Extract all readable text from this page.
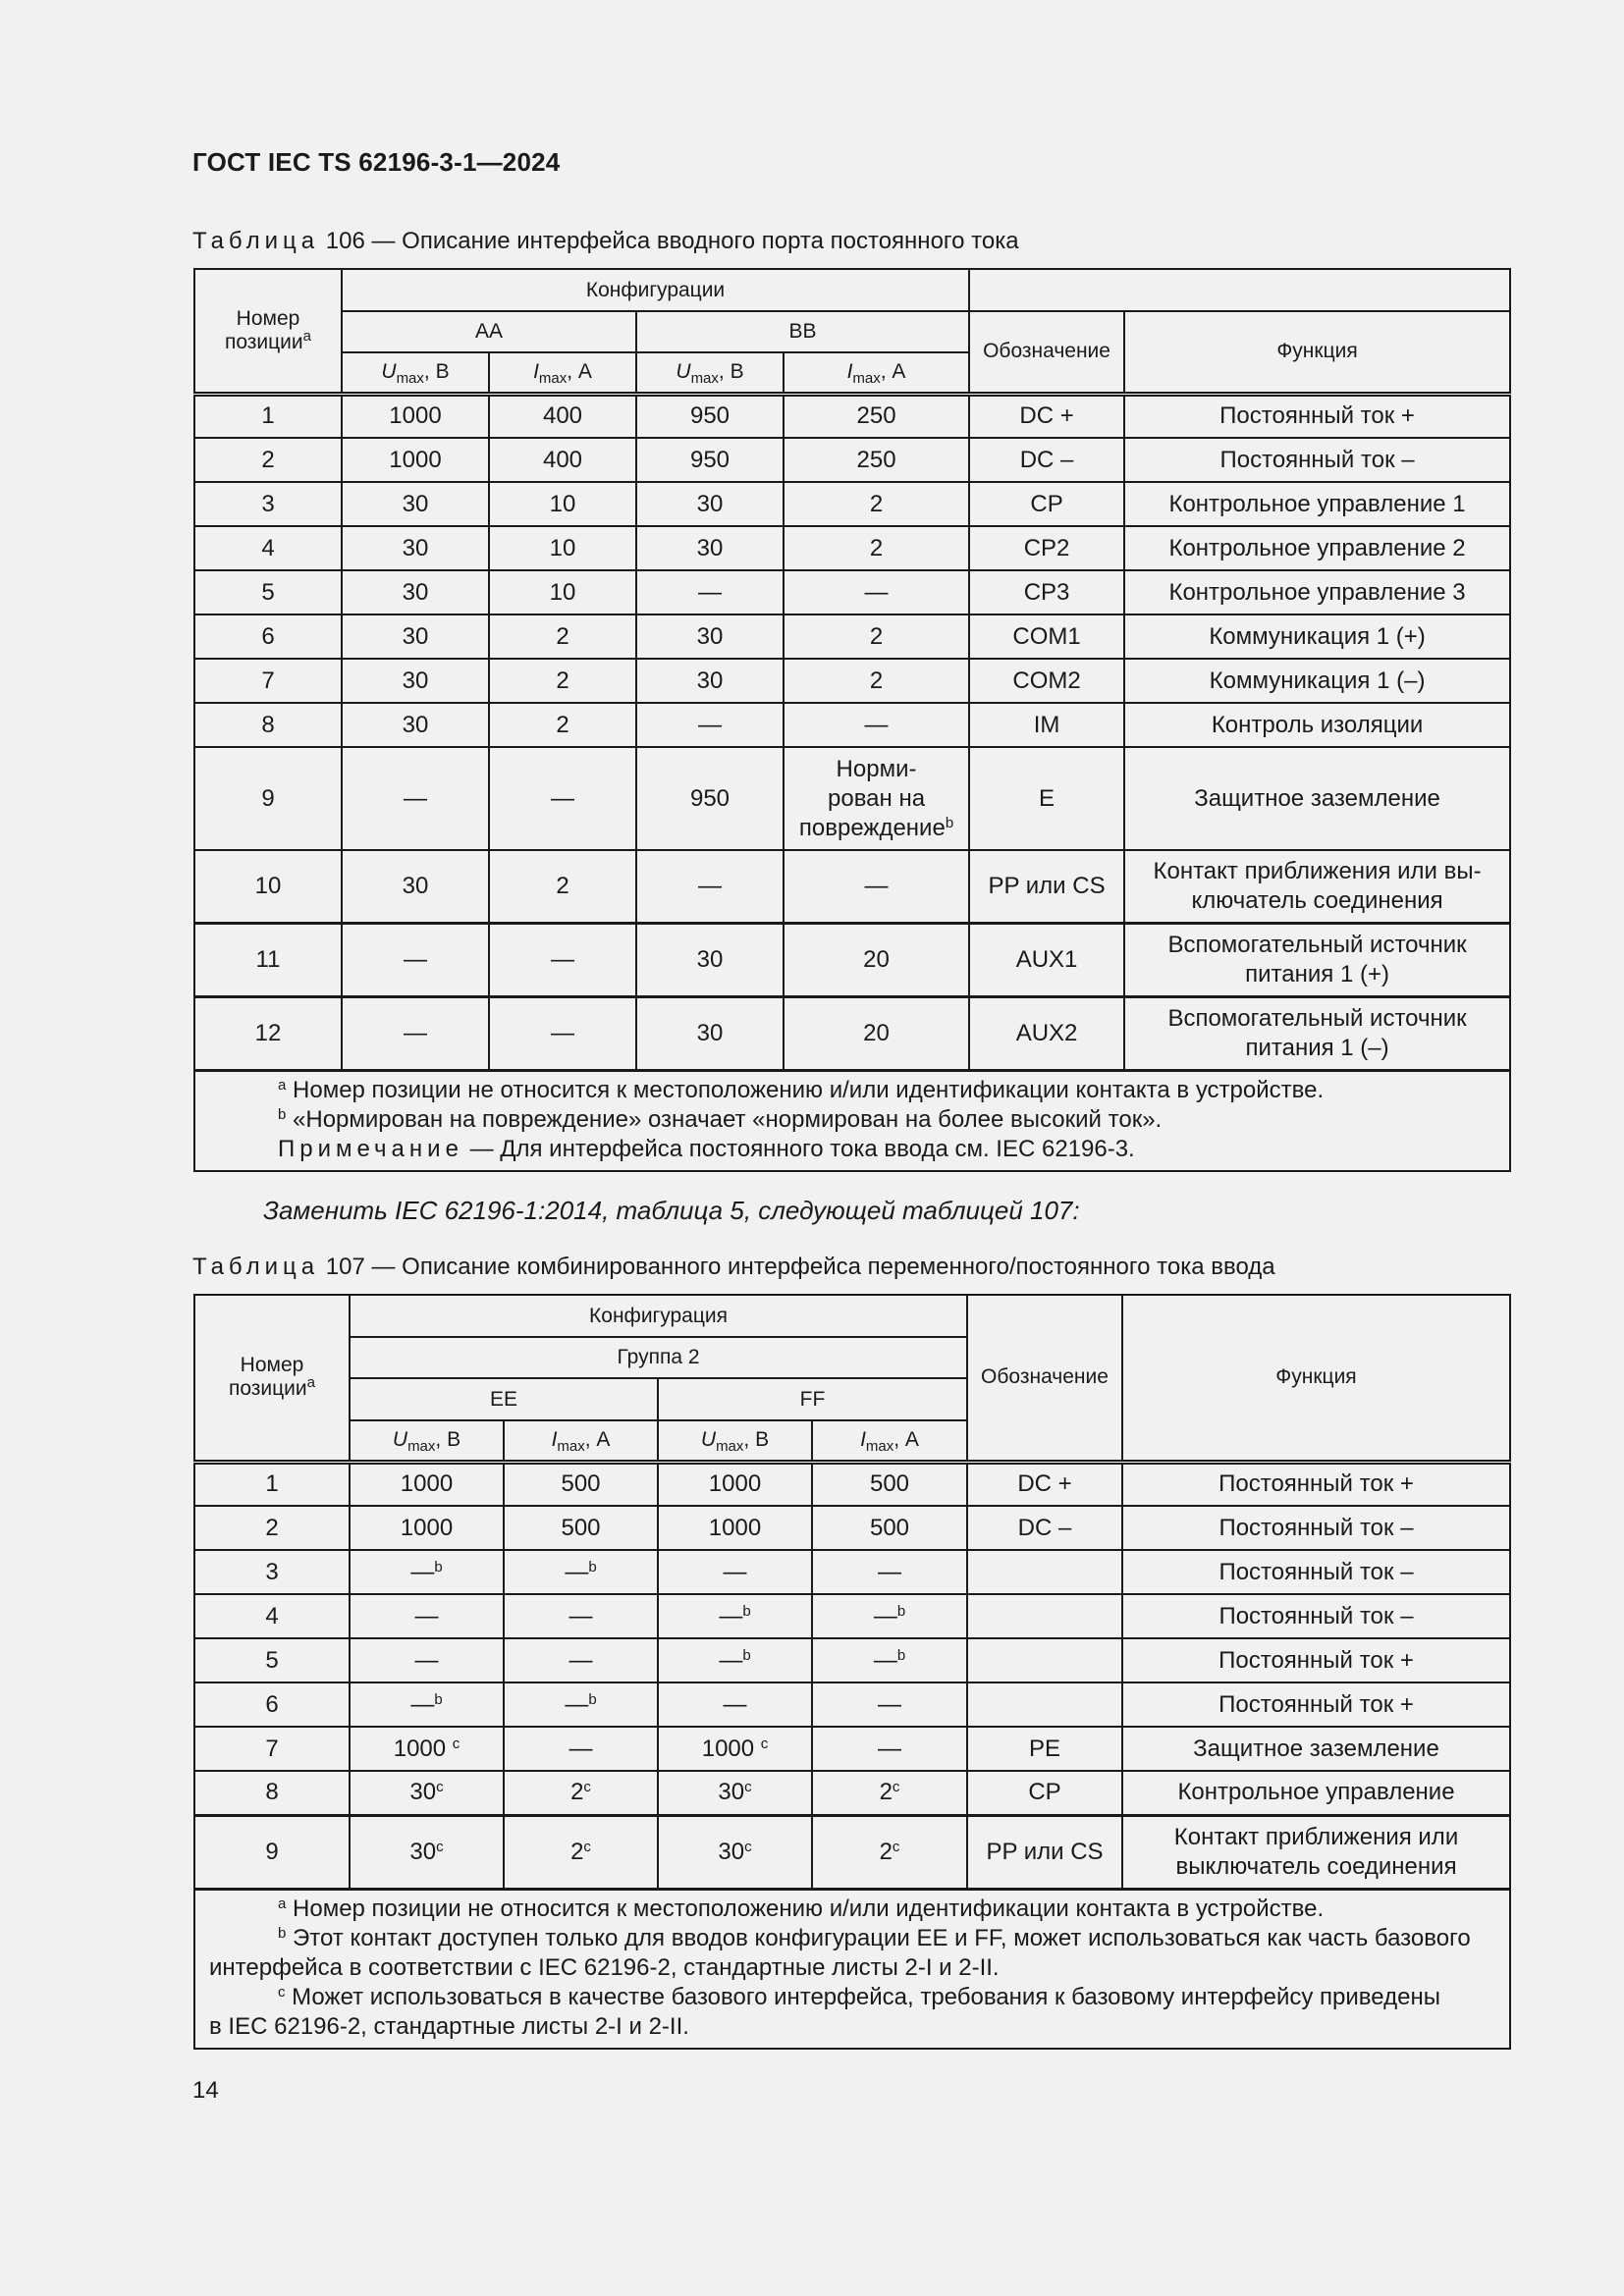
ГОСТ IEC TS 62196-3-1—2024
Таблица 106 — Описание интерфейса вводного порта постоянного тока
Номер позиции$^a$	Конфигурации					
	AA		BB		Обозначение	Функция
	$U_{max}$, В	$I_{max}$, А	$U_{max}$, В	$I_{max}$, А		
1	1000	400	950	250	DC +	Постоянный ток +
2	1000	400	950	250	DC –	Постоянный ток –
3	30	10	30	2	CP	Контрольное управление 1
4	30	10	30	2	CP2	Контрольное управление 2
5	30	10	—	—	CP3	Контрольное управление 3
6	30	2	30	2	COM1	Коммуникация 1 (+)
7	30	2	30	2	COM2	Коммуникация 1 (–)
8	30	2	—	—	IM	Контроль изоляции
9	—	—	950	Норми-
рован на
повреждение$^b$	E	Защитное заземление
10	30	2	—	—	PP или CS	Контакт приближения или вы-
ключатель соединения

11	—	—	30	20	AUX1	Вспомогательный источник
питания 1 (+)

12	—	—	30	20	AUX2	Вспомогательный источник
питания 1 (–)

$^a$ Номер позиции не относится к местоположению и/или идентификации контакта в устройстве.
$^b$ «Нормирован на повреждение» означает «нормирован на более высокий ток».
Примечание — Для интерфейса постоянного тока ввода см. IEC 62196-3.						
Заменить IEC 62196-1:2014, таблица 5, следующей таблицей 107:
Таблица 107 — Описание комбинированного интерфейса переменного/постоянного тока ввода
Номер позиции$^a$	Конфигурация				Обозначение	Функция
	Группа 2					
	EE		FF			
	$U_{max}$, В	$I_{max}$, А	$U_{max}$, В	$I_{max}$, А		
1	1000	500	1000	500	DC +	Постоянный ток +
2	1000	500	1000	500	DC –	Постоянный ток –
3	—$^b$	—$^b$	—	—		Постоянный ток –
4	—	—	—$^b$	—$^b$		Постоянный ток –
5	—	—	—$^b$	—$^b$		Постоянный ток +
6	—$^b$	—$^b$	—	—		Постоянный ток +
7	1000 $^c$	—	1000 $^c$	—	PE	Защитное заземление
8	30$^c$	2$^c$	30$^c$	2$^c$	CP	Контрольное управление
9	30$^c$	2$^c$	30$^c$	2$^c$	PP или CS	Контакт приближения или
выключатель соединения

$^a$ Номер позиции не относится к местоположению и/или идентификации контакта в устройстве.
$^b$ Этот контакт доступен только для вводов конфигурации EE и FF, может использоваться как часть базового
интерфейса в соответствии с IEC 62196-2, стандартные листы 2-I и 2-II.
$^c$ Может использоваться в качестве базового интерфейса, требования к базовому интерфейсу приведены
в IEC 62196-2, стандартные листы 2-I и 2-II.						
14
